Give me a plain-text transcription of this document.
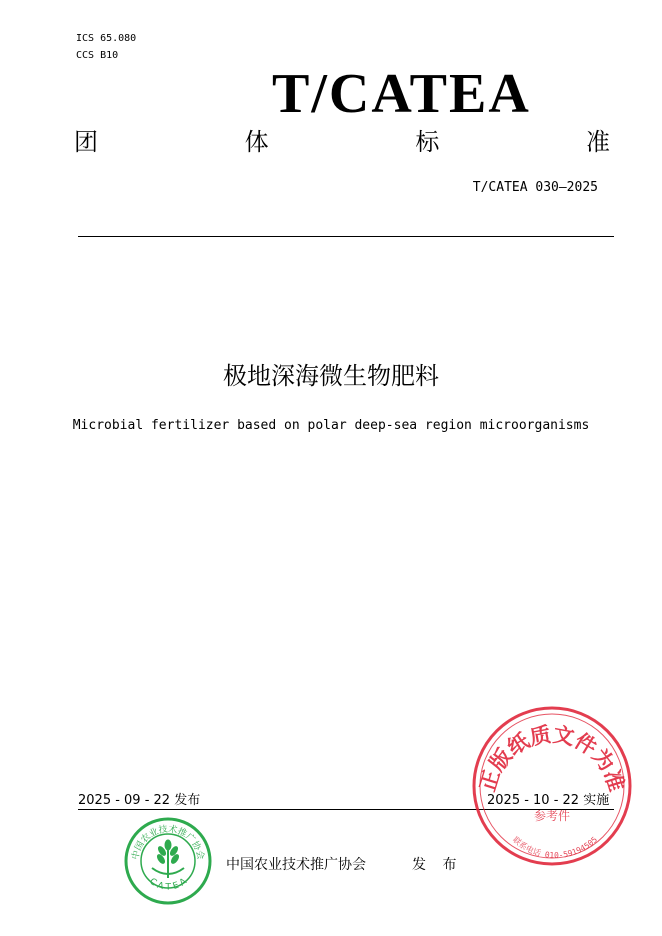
ICS 65.080
CCS B10
T/CATEA
团	体	标	准
T/CATEA 030—2025
极地深海微生物肥料
Microbial fertilizer based on polar deep-sea region microorganisms
2025 - 09 - 22 发布	2025 - 10 - 22 实施
中国农业技术推广协会
C A T E A
中国农业技术推广协会	发 布
正版纸质文件为准
参考件
联系电话 010-59194505
